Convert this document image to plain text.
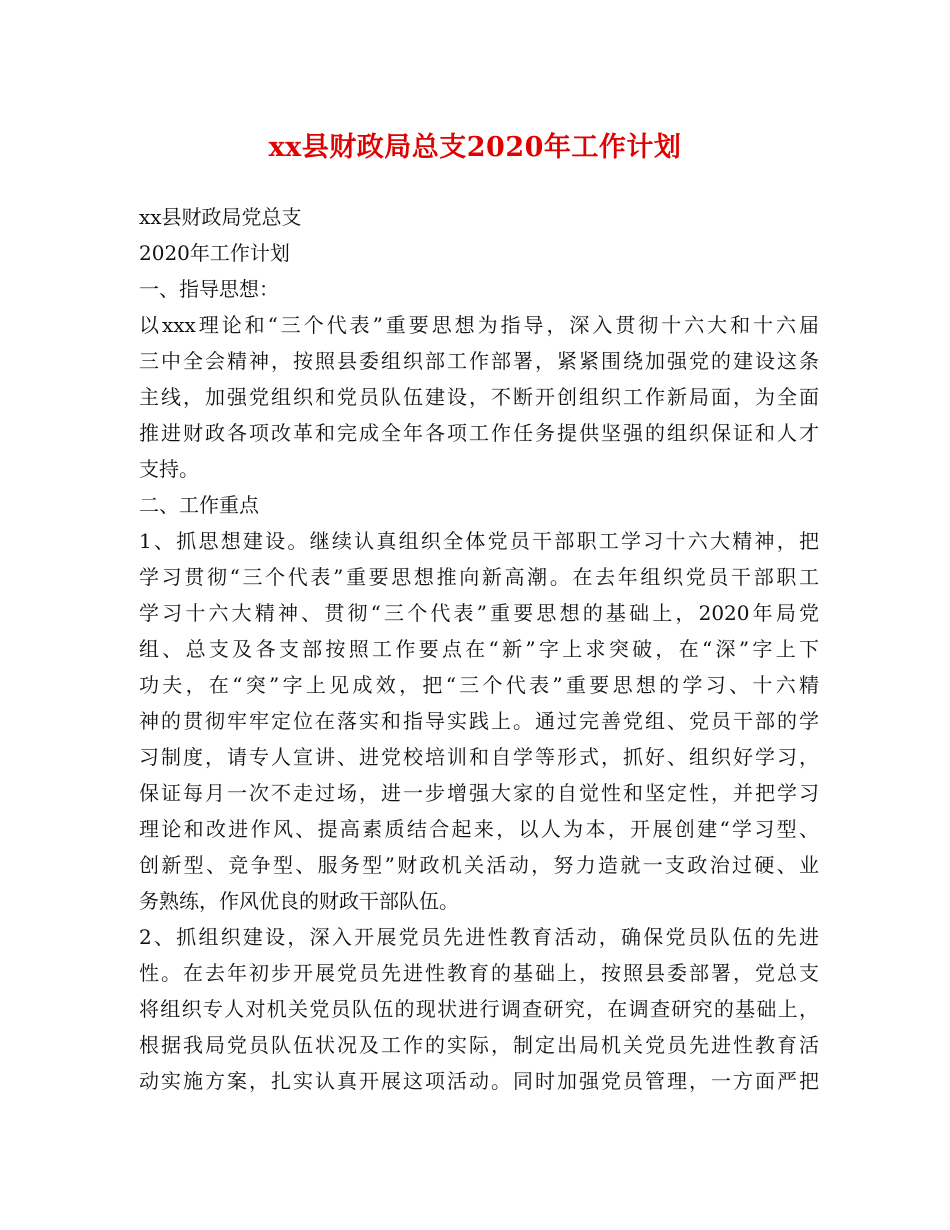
xx县财政局总支2020年工作计划
xx县财政局党总支
2020年工作计划
一、指导思想：
以xxx理论和“三个代表”重要思想为指导，深入贯彻十六大和十六届
三中全会精神，按照县委组织部工作部署，紧紧围绕加强党的建设这条
主线，加强党组织和党员队伍建设，不断开创组织工作新局面，为全面
推进财政各项改革和完成全年各项工作任务提供坚强的组织保证和人才
支持。
二、工作重点
1、抓思想建设。继续认真组织全体党员干部职工学习十六大精神，把
学习贯彻“三个代表”重要思想推向新高潮。在去年组织党员干部职工
学习十六大精神、贯彻“三个代表”重要思想的基础上，2020年局党
组、总支及各支部按照工作要点在“新”字上求突破，在“深”字上下
功夫，在“突”字上见成效，把“三个代表”重要思想的学习、十六精
神的贯彻牢牢定位在落实和指导实践上。通过完善党组、党员干部的学
习制度，请专人宣讲、进党校培训和自学等形式，抓好、组织好学习，
保证每月一次不走过场，进一步增强大家的自觉性和坚定性，并把学习
理论和改进作风、提高素质结合起来，以人为本，开展创建“学习型、
创新型、竞争型、服务型”财政机关活动，努力造就一支政治过硬、业
务熟练，作风优良的财政干部队伍。
2、抓组织建设，深入开展党员先进性教育活动，确保党员队伍的先进
性。在去年初步开展党员先进性教育的基础上，按照县委部署，党总支
将组织专人对机关党员队伍的现状进行调查研究，在调查研究的基础上，
根据我局党员队伍状况及工作的实际，制定出局机关党员先进性教育活
动实施方案，扎实认真开展这项活动。同时加强党员管理，一方面严把
